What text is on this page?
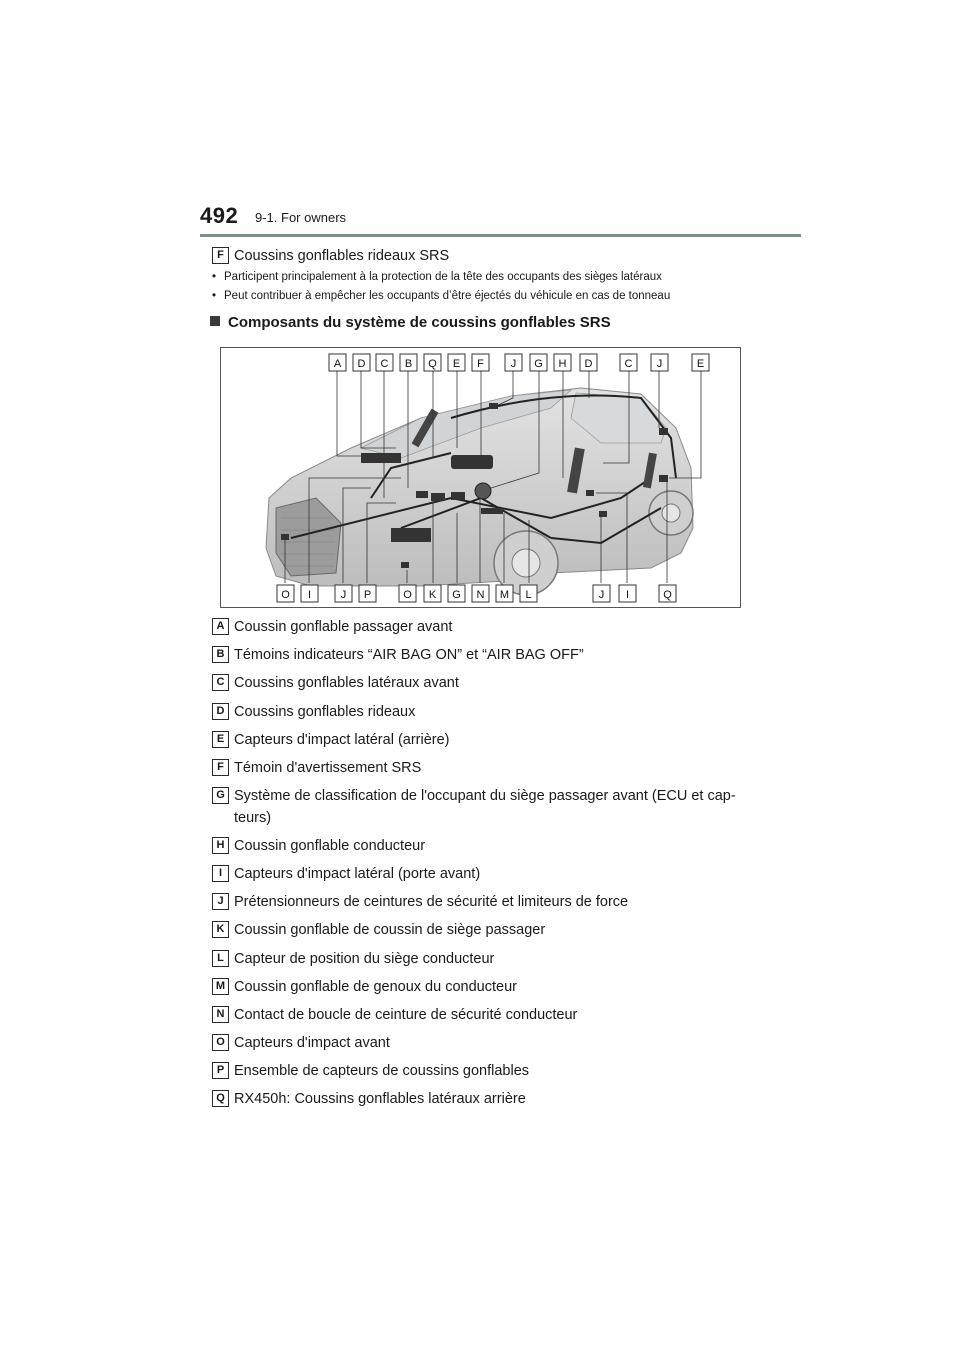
492 9-1. For owners
F Coussins gonflables rideaux SRS
• Participent principalement à la protection de la tête des occupants des sièges latéraux
• Peut contribuer à empêcher les occupants d’être éjectés du véhicule en cas de tonneau
Composants du système de coussins gonflables SRS
A D C B Q E F J G H D	C J	E
O I	J P	O K G N M L	J I	Q
A Coussin gonflable passager avant
B Témoins indicateurs “AIR BAG ON” et “AIR BAG OFF”
C Coussins gonflables latéraux avant
D Coussins gonflables rideaux
E Capteurs d'impact latéral (arrière)
F Témoin d'avertissement SRS
G Système de classification de l'occupant du siège passager avant (ECU et cap-
teurs)
H Coussin gonflable conducteur
I Capteurs d'impact latéral (porte avant)
J Prétensionneurs de ceintures de sécurité et limiteurs de force
K Coussin gonflable de coussin de siège passager
L Capteur de position du siège conducteur
M Coussin gonflable de genoux du conducteur
N Contact de boucle de ceinture de sécurité conducteur
O Capteurs d'impact avant
P Ensemble de capteurs de coussins gonflables
Q RX450h: Coussins gonflables latéraux arrière
